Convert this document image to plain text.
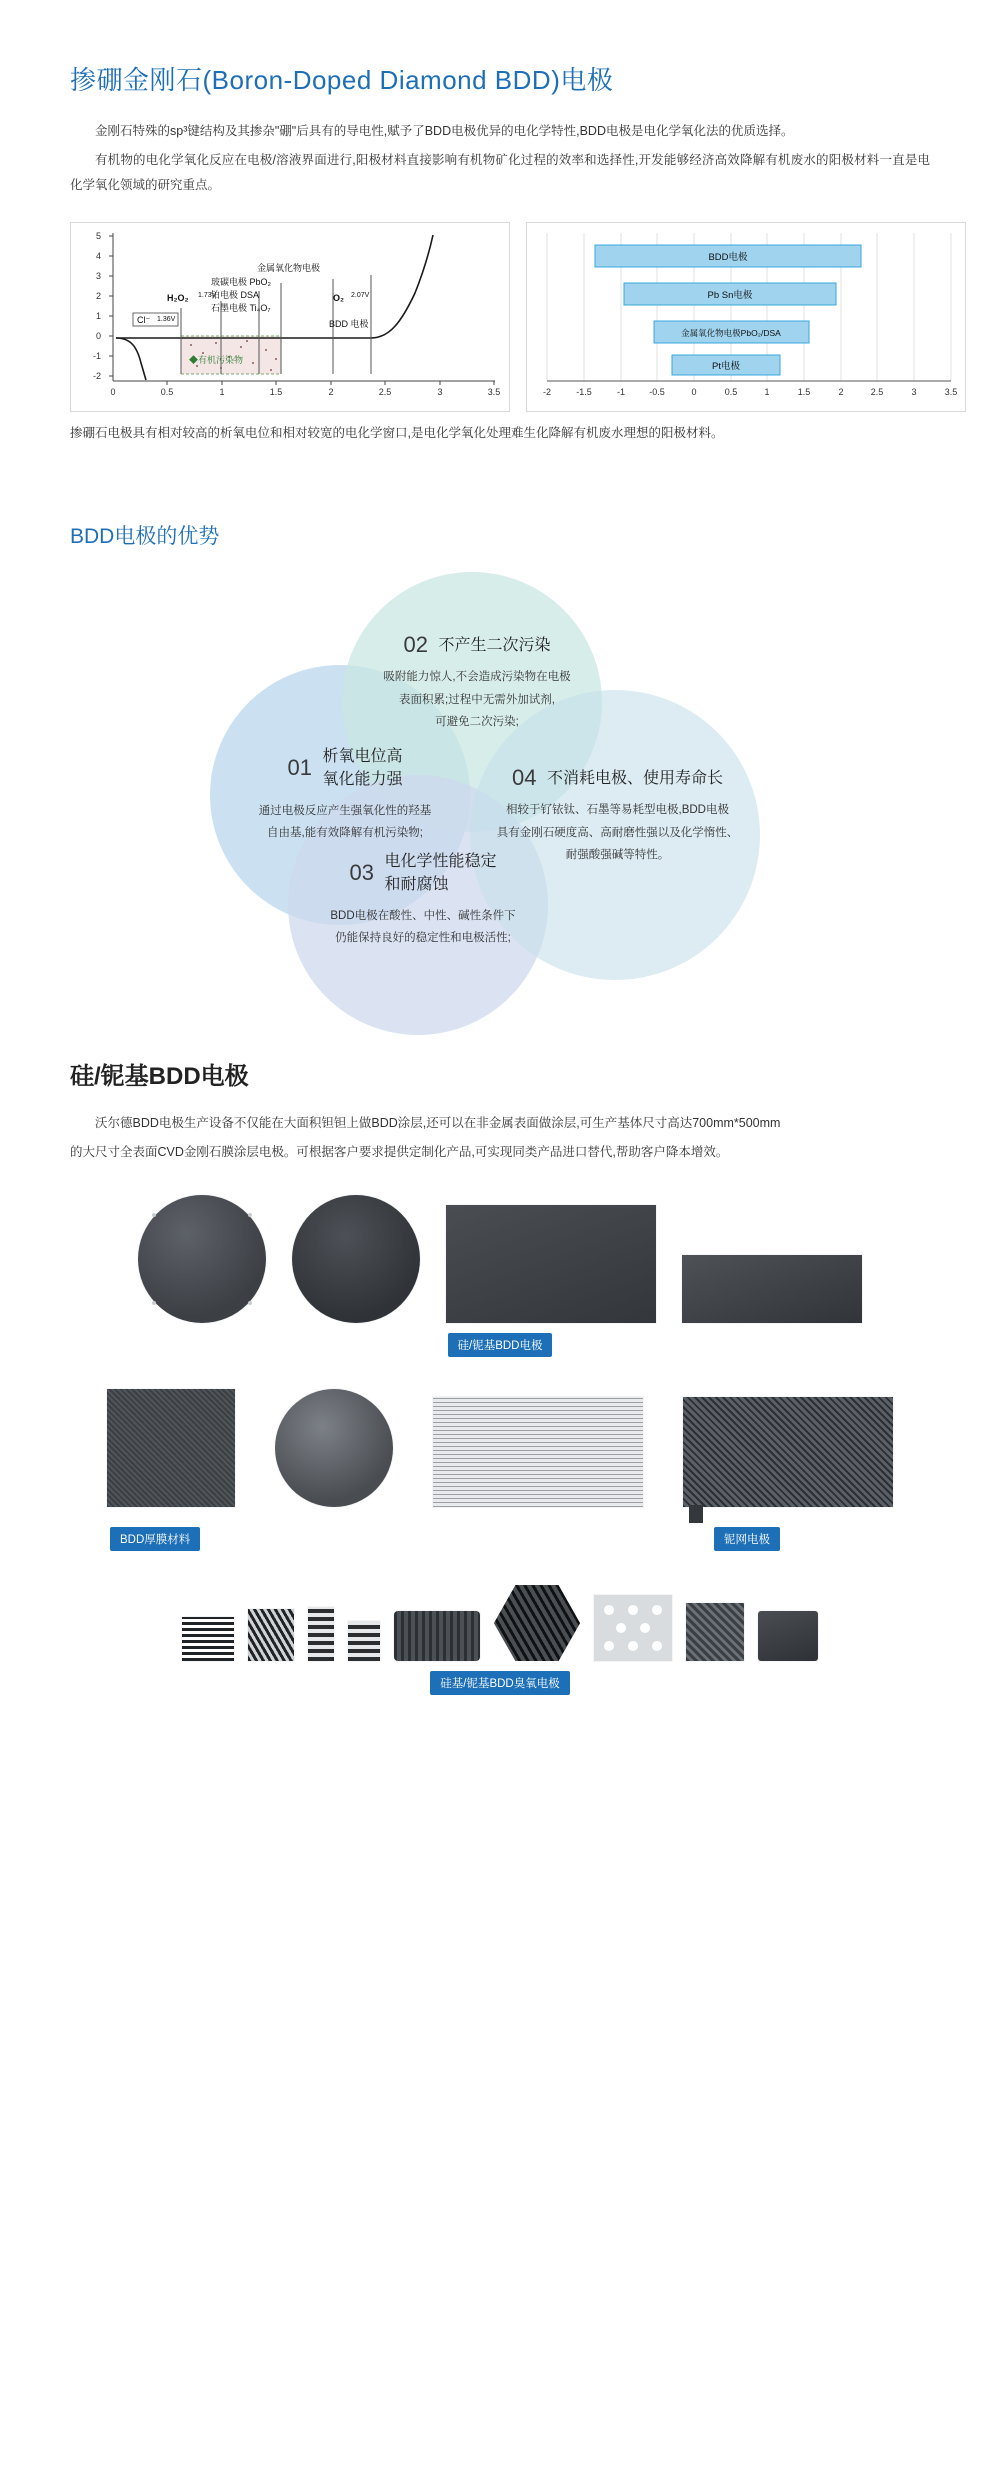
掺硼金刚石(Boron-Doped Diamond BDD)电极

金刚石特殊的sp³键结构及其掺杂"硼"后具有的导电性,赋予了BDD电极优异的电化学特性,BDD电极是电化学氧化法的优质选择。

有机物的电化学氧化反应在电极/溶液界面进行,阳极材料直接影响有机物矿化过程的效率和选择性,开发能够经济高效降解有机废水的阳极材料一直是电化学氧化领域的研究重点。

5
4
3
2
1
0
-1
-2
0	0.5	1	1.5	2	2.5	3	3.5
金属氧化物电极
玻碳电极 PbO₂
铂电极 DSA
石墨电极 Ti₄O₇
H₂O₂ 1.73V
Cl⁻ 1.36V
O₂ 2.07V
BDD 电极
◆有机污染物
BDD电极
Pb Sn电极
金属氧化物电极PbO₂/DSA
Pt电极
-2	-1.5	-1	-0.5	0	0.5	1	1.5	2	2.5	3	3.5

掺硼石电极具有相对较高的析氧电位和相对较宽的电化学窗口,是电化学氧化处理难生化降解有机废水理想的阳极材料。

BDD电极的优势
02 不产生二次污染
吸附能力惊人,不会造成污染物在电极
表面积累;过程中无需外加试剂,
可避免二次污染;
01 析氧电位高
氧化能力强
通过电极反应产生强氧化性的羟基
自由基,能有效降解有机污染物;
04 不消耗电极、使用寿命长
相较于钌铱钛、石墨等易耗型电极,BDD电极
具有金刚石硬度高、高耐磨性强以及化学惰性、
耐强酸强碱等特性。
03 电化学性能稳定
和耐腐蚀
BDD电极在酸性、中性、碱性条件下
仍能保持良好的稳定性和电极活性;
硅/铌基BDD电极

沃尔德BDD电极生产设备不仅能在大面积钽钽上做BDD涂层,还可以在非金属表面做涂层,可生产基体尺寸高达700mm*500mm

的大尺寸全表面CVD金刚石膜涂层电极。可根据客户要求提供定制化产品,可实现同类产品进口替代,帮助客户降本增效。

硅/铌基BDD电极
BDD厚膜材料	铌网电极
硅基/铌基BDD臭氧电极
